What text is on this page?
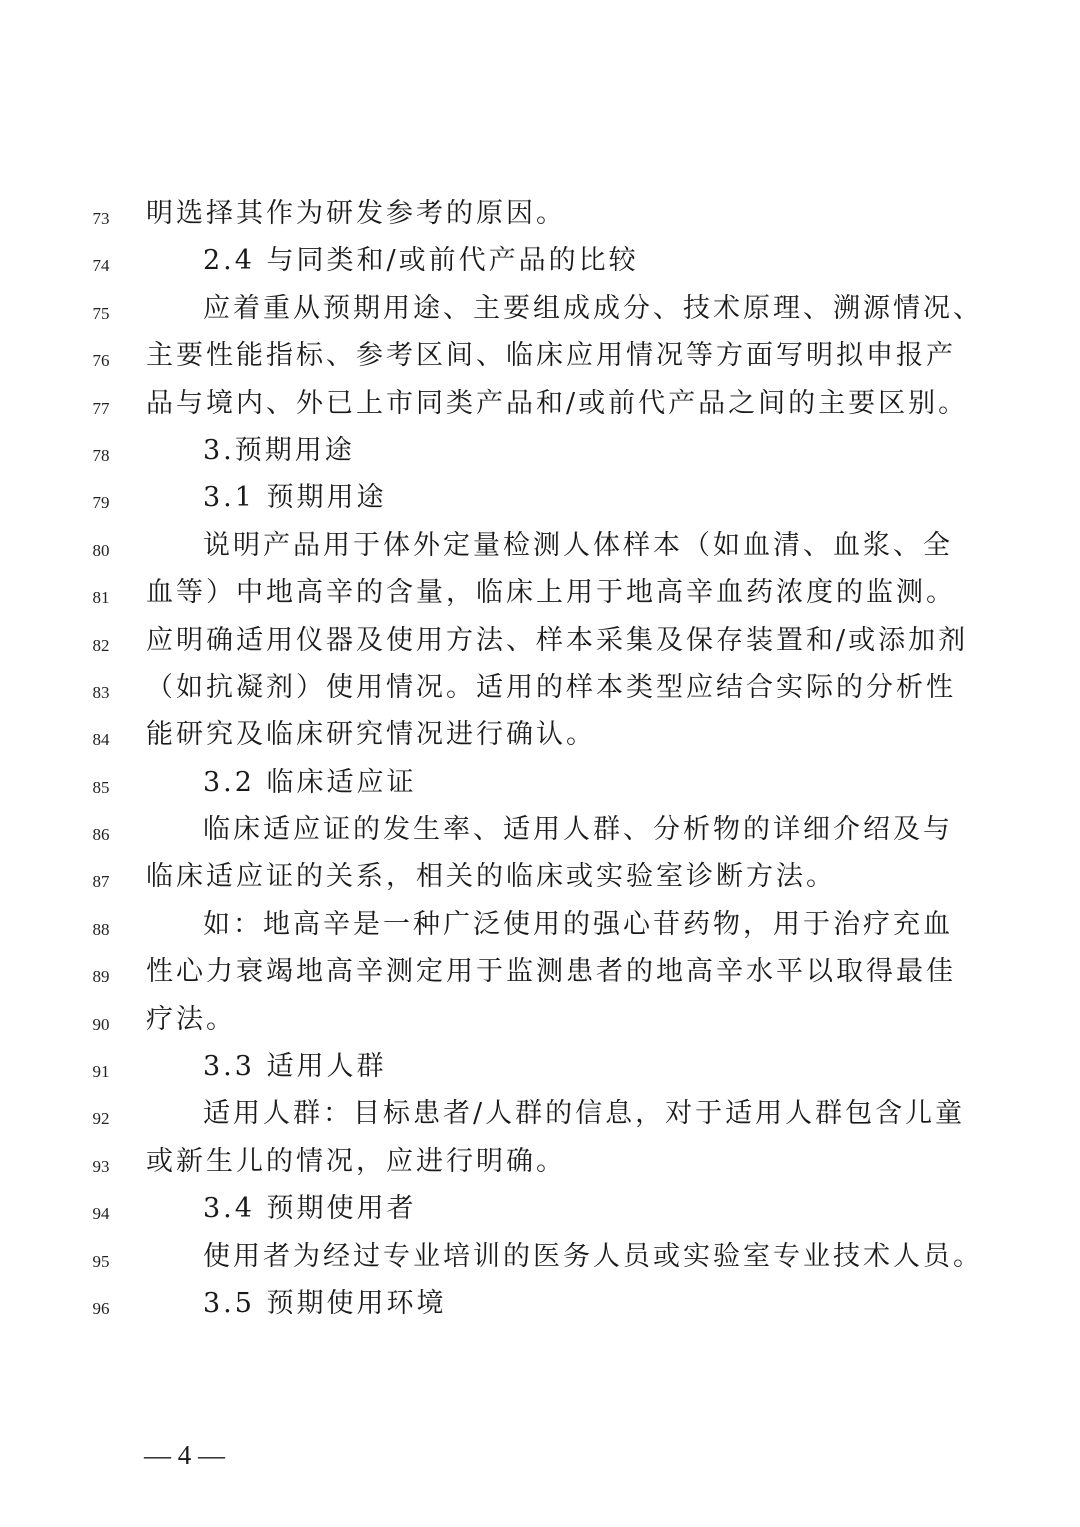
73	明选择其作为研发参考的原因。
74	2.4 与同类和/或前代产品的比较
75	应着重从预期用途、主要组成成分、技术原理、溯源情况、
76	主要性能指标、参考区间、临床应用情况等方面写明拟申报产
77	品与境内、外已上市同类产品和/或前代产品之间的主要区别。
78	3.预期用途
79	3.1 预期用途
80	说明产品用于体外定量检测人体样本（如血清、血浆、全
81	血等）中地高辛的含量，临床上用于地高辛血药浓度的监测。
82	应明确适用仪器及使用方法、样本采集及保存装置和/或添加剂
83	（如抗凝剂）使用情况。适用的样本类型应结合实际的分析性
84	能研究及临床研究情况进行确认。
85	3.2 临床适应证
86	临床适应证的发生率、适用人群、分析物的详细介绍及与
87	临床适应证的关系，相关的临床或实验室诊断方法。
88	如：地高辛是一种广泛使用的强心苷药物，用于治疗充血
89	性心力衰竭地高辛测定用于监测患者的地高辛水平以取得最佳
90	疗法。
91	3.3 适用人群
92	适用人群：目标患者/人群的信息，对于适用人群包含儿童
93	或新生儿的情况，应进行明确。
94	3.4 预期使用者
95	使用者为经过专业培训的医务人员或实验室专业技术人员。
96	3.5 预期使用环境
— 4 —
